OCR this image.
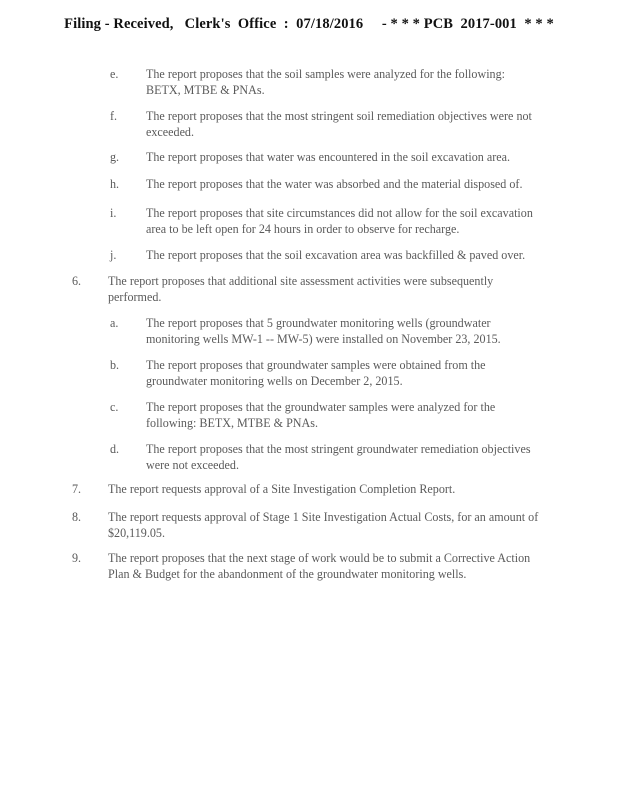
Filing - Received,   Clerk's  Office  :  07/18/2016     - * * * PCB  2017-001  * * *
e. The report proposes that the soil samples were analyzed for the following: BETX, MTBE & PNAs.
f. The report proposes that the most stringent soil remediation objectives were not exceeded.
g. The report proposes that water was encountered in the soil excavation area.
h. The report proposes that the water was absorbed and the material disposed of.
i. The report proposes that site circumstances did not allow for the soil excavation area to be left open for 24 hours in order to observe for recharge.
j. The report proposes that the soil excavation area was backfilled & paved over.
6. The report proposes that additional site assessment activities were subsequently performed.
a. The report proposes that 5 groundwater monitoring wells (groundwater monitoring wells MW-1 -- MW-5) were installed on November 23, 2015.
b. The report proposes that groundwater samples were obtained from the groundwater monitoring wells on December 2, 2015.
c. The report proposes that the groundwater samples were analyzed for the following: BETX, MTBE & PNAs.
d. The report proposes that the most stringent groundwater remediation objectives were not exceeded.
7. The report requests approval of a Site Investigation Completion Report.
8. The report requests approval of Stage 1 Site Investigation Actual Costs, for an amount of $20,119.05.
9. The report proposes that the next stage of work would be to submit a Corrective Action Plan & Budget for the abandonment of the groundwater monitoring wells.
